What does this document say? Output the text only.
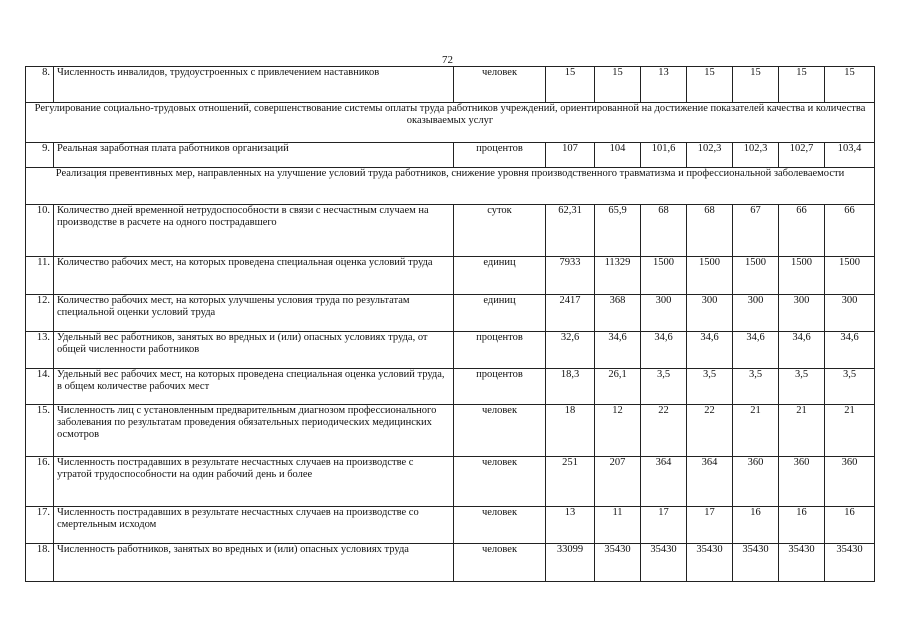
72
8.	Численность инвалидов, трудоустроенных с привлечением наставников	человек	15	15	13	15	15	15	15
Регулирование социально-трудовых отношений, совершенствование системы оплаты труда работников учреждений, ориентированной на достижение показателей качества и количества оказываемых услуг									
9.	Реальная заработная плата работников организаций	процентов	107	104	101,6	102,3	102,3	102,7	103,4
Реализация превентивных мер, направленных на улучшение условий труда работников, снижение уровня производственного травматизма и профессиональной заболеваемости									
10.	Количество дней временной нетрудоспособности в связи с несчастным случаем на производстве в расчете на одного пострадавшего	суток	62,31	65,9	68	68	67	66	66
11.	Количество рабочих мест, на которых проведена специальная оценка условий труда	единиц	7933	11329	1500	1500	1500	1500	1500
12.	Количество рабочих мест, на которых улучшены условия труда по результатам специальной оценки условий труда	единиц	2417	368	300	300	300	300	300
13.	Удельный вес работников, занятых во вредных и (или) опасных условиях труда, от общей численности работников	процентов	32,6	34,6	34,6	34,6	34,6	34,6	34,6
14.	Удельный вес рабочих мест, на которых проведена специальная оценка условий труда, в общем количестве рабочих мест	процентов	18,3	26,1	3,5	3,5	3,5	3,5	3,5
15.	Численность лиц с установленным предварительным диагнозом профессионального заболевания по результатам проведения обязательных периодических медицинских осмотров	человек	18	12	22	22	21	21	21
16.	Численность пострадавших в результате несчастных случаев на производстве с утратой трудоспособности на один рабочий день и более	человек	251	207	364	364	360	360	360
17.	Численность пострадавших в результате несчастных случаев на производстве со смертельным исходом	человек	13	11	17	17	16	16	16
18.	Численность работников, занятых во вредных и (или) опасных условиях труда	человек	33099	35430	35430	35430	35430	35430	35430
